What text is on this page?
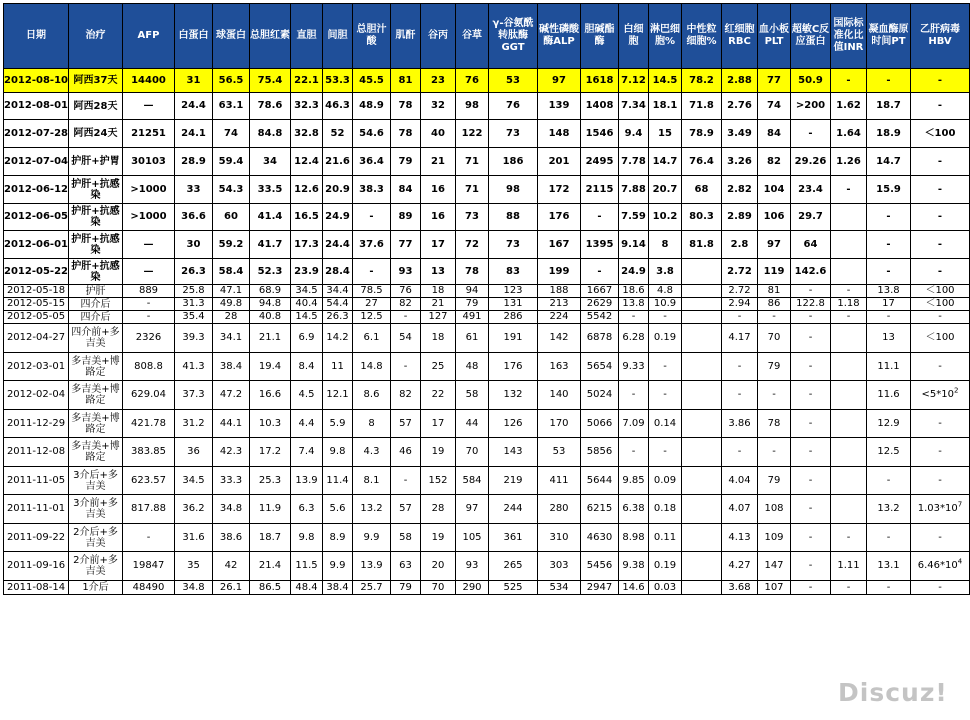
日期	治疗	AFP	白蛋白	球蛋白	总胆红素	直胆	间胆	总胆汁酸	肌酐	谷丙	谷草	γ-谷氨酰转肽酶GGT	碱性磷酸酶ALP	胆碱酯酶	白细胞	淋巴细胞%	中性粒细胞%	红细胞RBC	血小板PLT	超敏C反应蛋白	国际标准化比值INR	凝血酶原时间PT	乙肝病毒HBV
2012-08-10	阿西37天	14400	31	56.5	75.4	22.1	53.3	45.5	81	23	76	53	97	1618	7.12	14.5	78.2	2.88	77	50.9	-	-	-
2012-08-01	阿西28天	—	24.4	63.1	78.6	32.3	46.3	48.9	78	32	98	76	139	1408	7.34	18.1	71.8	2.76	74	>200	1.62	18.7	-
2012-07-28	阿西24天	21251	24.1	74	84.8	32.8	52	54.6	78	40	122	73	148	1546	9.4	15	78.9	3.49	84	-	1.64	18.9	＜100
2012-07-04	护肝+护胃	30103	28.9	59.4	34	12.4	21.6	36.4	79	21	71	186	201	2495	7.78	14.7	76.4	3.26	82	29.26	1.26	14.7	-
2012-06-12	护肝+抗感染	>1000	33	54.3	33.5	12.6	20.9	38.3	84	16	71	98	172	2115	7.88	20.7	68	2.82	104	23.4	-	15.9	-
2012-06-05	护肝+抗感染	>1000	36.6	60	41.4	16.5	24.9	-	89	16	73	88	176	-	7.59	10.2	80.3	2.89	106	29.7		-	-
2012-06-01	护肝+抗感染	—	30	59.2	41.7	17.3	24.4	37.6	77	17	72	73	167	1395	9.14	8	81.8	2.8	97	64		-	-
2012-05-22	护肝+抗感染	—	26.3	58.4	52.3	23.9	28.4	-	93	13	78	83	199	-	24.9	3.8		2.72	119	142.6		-	-
2012-05-18	护肝	889	25.8	47.1	68.9	34.5	34.4	78.5	76	18	94	123	188	1667	18.6	4.8		2.72	81	-	-	13.8	＜100
2012-05-15	四介后	-	31.3	49.8	94.8	40.4	54.4	27	82	21	79	131	213	2629	13.8	10.9		2.94	86	122.8	1.18	17	＜100
2012-05-05	四介后	-	35.4	28	40.8	14.5	26.3	12.5	-	127	491	286	224	5542	-	-		-	-	-	-	-	-
2012-04-27	四介前+多吉美	2326	39.3	34.1	21.1	6.9	14.2	6.1	54	18	61	191	142	6878	6.28	0.19		4.17	70	-		13	＜100
2012-03-01	多吉美+博路定	808.8	41.3	38.4	19.4	8.4	11	14.8	-	25	48	176	163	5654	9.33	-		-	79	-		11.1	-
2012-02-04	多吉美+博路定	629.04	37.3	47.2	16.6	4.5	12.1	8.6	82	22	58	132	140	5024	-	-		-	-	-		11.6	$<5*10^2$
2011-12-29	多吉美+博路定	421.78	31.2	44.1	10.3	4.4	5.9	8	57	17	44	126	170	5066	7.09	0.14		3.86	78	-		12.9	-
2011-12-08	多吉美+博路定	383.85	36	42.3	17.2	7.4	9.8	4.3	46	19	70	143	53	5856	-	-		-	-	-		12.5	-
2011-11-05	3介后+多吉美	623.57	34.5	33.3	25.3	13.9	11.4	8.1	-	152	584	219	411	5644	9.85	0.09		4.04	79	-		-	-
2011-11-01	3介前+多吉美	817.88	36.2	34.8	11.9	6.3	5.6	13.2	57	28	97	244	280	6215	6.38	0.18		4.07	108	-		13.2	$1.03*10^7$
2011-09-22	2介后+多吉美	-	31.6	38.6	18.7	9.8	8.9	9.9	58	19	105	361	310	4630	8.98	0.11		4.13	109	-	-	-	-
2011-09-16	2介前+多吉美	19847	35	42	21.4	11.5	9.9	13.9	63	20	93	265	303	5456	9.38	0.19		4.27	147	-	1.11	13.1	$6.46*10^4$
2011-08-14	1介后	48490	34.8	26.1	86.5	48.4	38.4	25.7	79	70	290	525	534	2947	14.6	0.03		3.68	107	-	-	-	-
Discuz!
